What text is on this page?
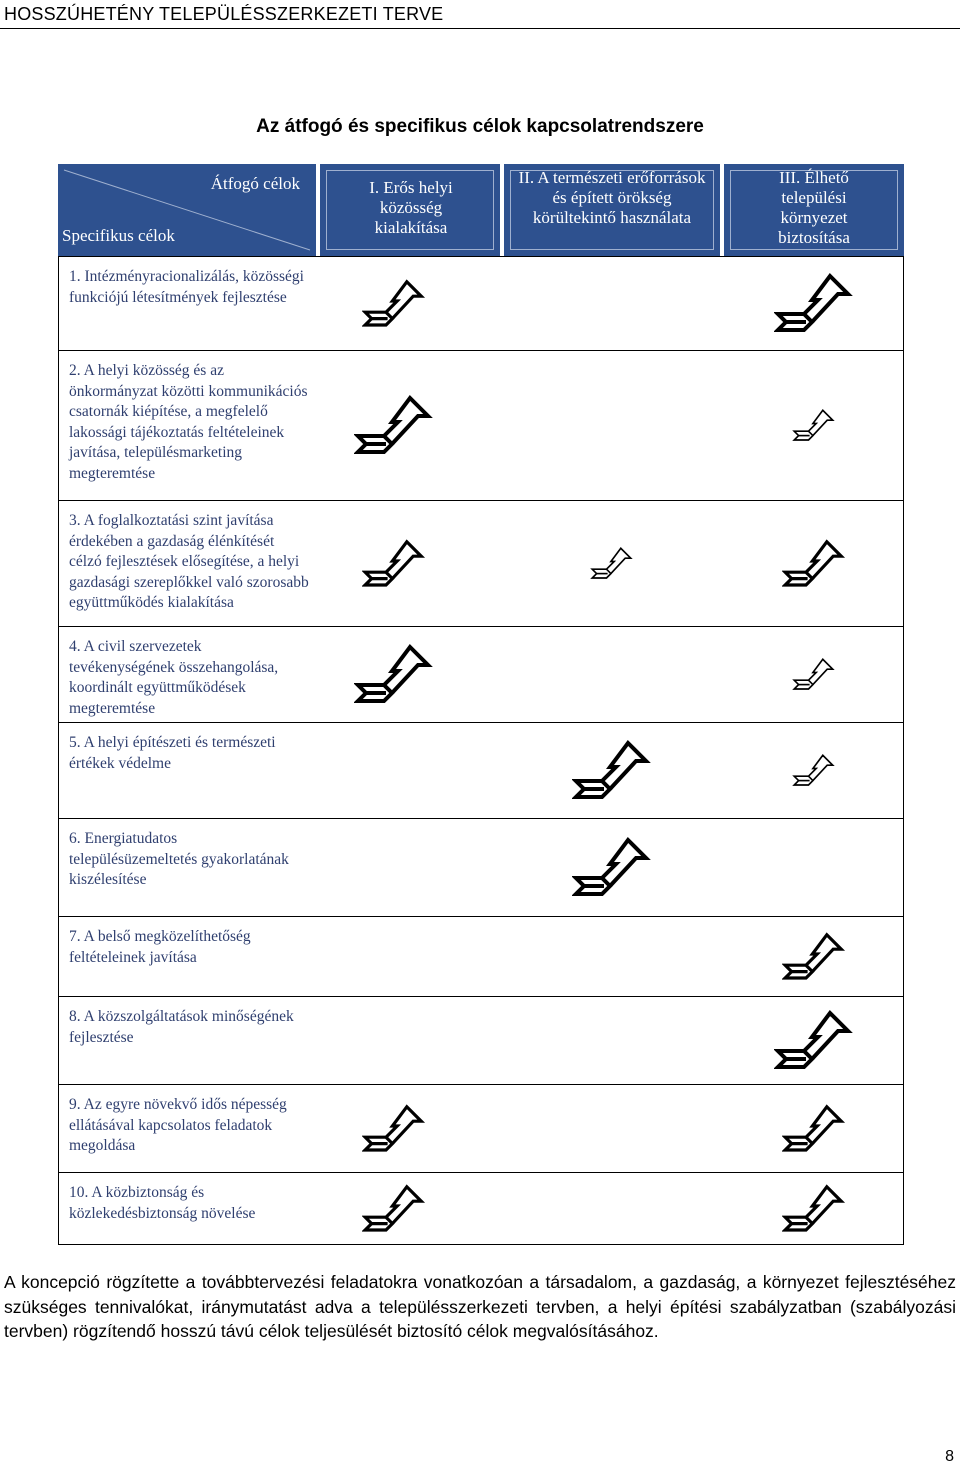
HOSSZÚHETÉNY TELEPÜLÉSSZERKEZETI TERVE
Az átfogó és specifikus célok kapcsolatrendszere
Átfogó célok
Specifikus célok
I. Erős helyi közösség kialakítása
II. A természeti erőforrások és épített örökség körültekintő használata
III. Élhető települési környezet biztosítása
1. Intézményracionalizálás, közösségi funkciójú létesítmények fejlesztése
2. A helyi közösség és az önkormányzat közötti kommunikációs csatornák kiépítése, a megfelelő lakossági tájékoztatás feltételeinek javítása, településmarketing megteremtése
3. A foglalkoztatási szint javítása érdekében a gazdaság élénkítését célzó fejlesztések elősegítése, a helyi gazdasági szereplőkkel való szorosabb együttműködés kialakítása
4. A civil szervezetek tevékenységének összehangolása, koordinált együttműködések megteremtése
5. A helyi építészeti és természeti értékek védelme
6. Energiatudatos településüzemeltetés gyakorlatának kiszélesítése
7. A belső megközelíthetőség feltételeinek javítása
8. A közszolgáltatások minőségének fejlesztése
9. Az egyre növekvő idős népesség ellátásával kapcsolatos feladatok megoldása
10. A közbiztonság és közlekedésbiztonság növelése
A koncepció rögzítette a továbbtervezési feladatokra vonatkozóan a társadalom, a gazdaság, a környezet fejlesztéséhez szükséges tennivalókat, iránymutatást adva a településszerkezeti tervben, a helyi építési szabályzatban (szabályozási tervben) rögzítendő hosszú távú célok teljesülését biztosító célok megvalósításához.
8
